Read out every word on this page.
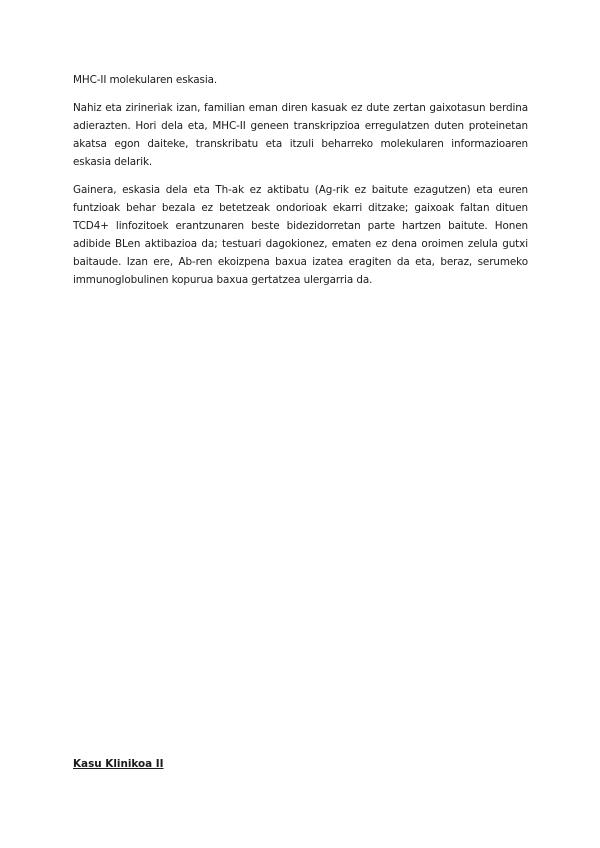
MHC-II molekularen eskasia.

Nahiz eta zirineriak izan, familian eman diren kasuak ez dute zertan gaixotasun berdina adierazten. Hori dela eta, MHC-II geneen transkripzioa erregulatzen duten proteinetan akatsa egon daiteke, transkribatu eta itzuli beharreko molekularen informazioaren eskasia delarik.

Gainera, eskasia dela eta Th-ak ez aktibatu (Ag-rik ez baitute ezagutzen) eta euren funtzioak behar bezala ez betetzeak ondorioak ekarri ditzake; gaixoak faltan dituen TCD4+ linfozitoek erantzunaren beste bidezidorretan parte hartzen baitute. Honen adibide BLen aktibazioa da; testuari dagokionez, ematen ez dena oroimen zelula gutxi baitaude. Izan ere, Ab-ren ekoizpena baxua izatea eragiten da eta, beraz, serumeko immunoglobulinen kopurua baxua gertatzea ulergarria da.

Kasu Klinikoa II
